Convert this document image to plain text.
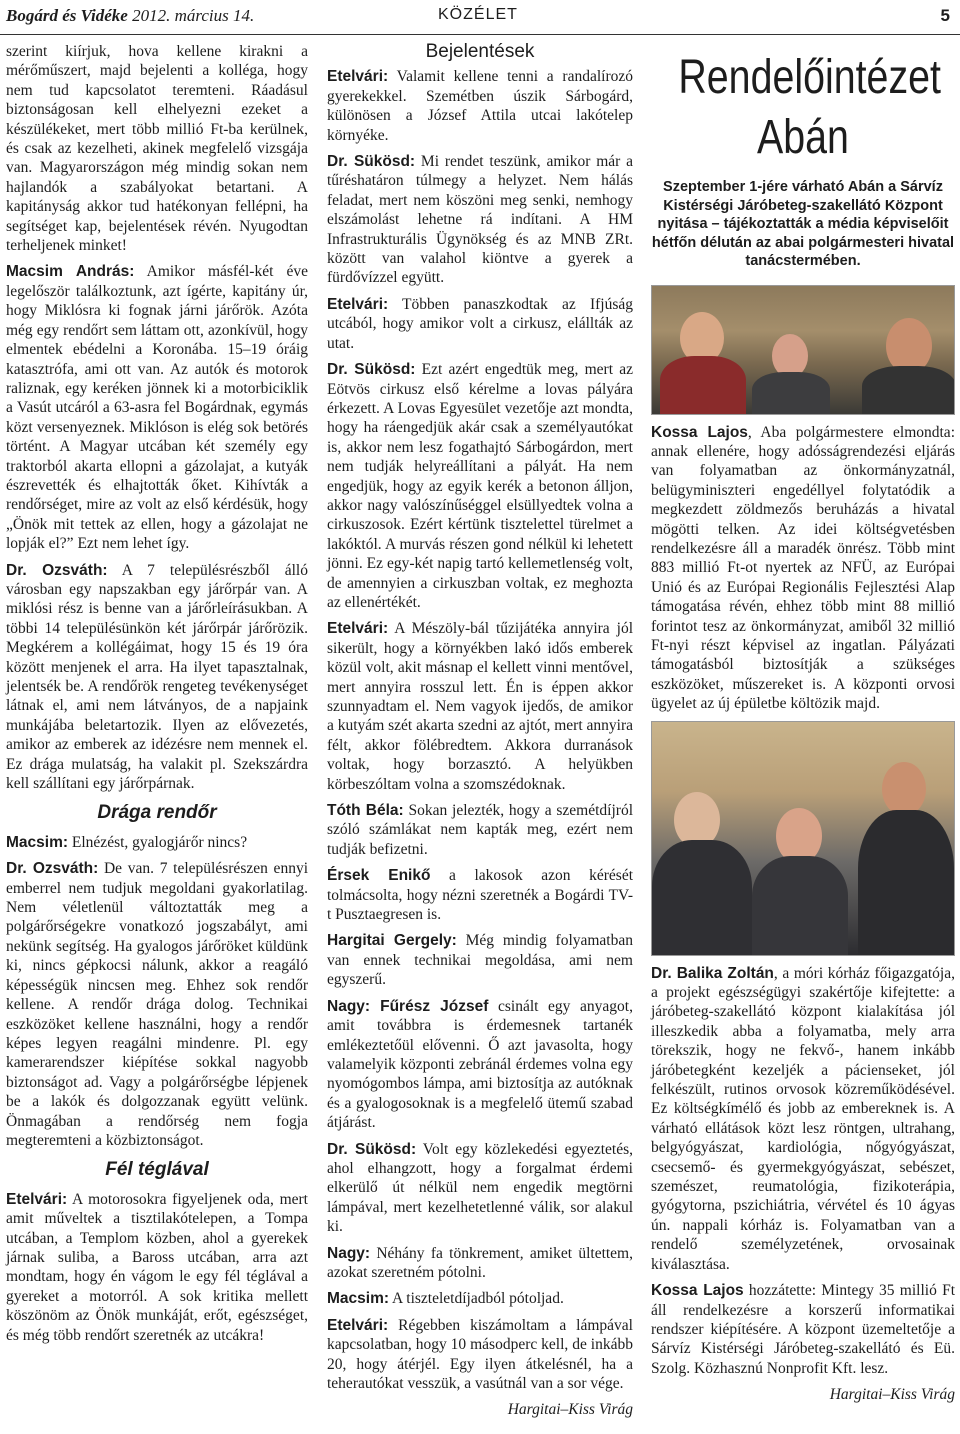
Bogárd és Vidéke 2012. március 14.	KÖZÉLET	5

szerint kiírjuk, hova kellene kirakni a mérőműszert, majd bejelenti a kolléga, hogy nem tud kapcsolatot teremteni. Ráadásul biztonságosan kell elhelyezni ezeket a készülékeket, mert több millió Ft-ba kerülnek, és csak az kezelheti, akinek megfelelő vizsgája van. Magyarországon még mindig sokan nem hajlandók a szabályokat betartani. A kapitányság akkor tud hatékonyan fellépni, ha segítséget kap, bejelentések révén. Nyugodtan terheljenek minket!

Macsim András: Amikor másfél-két éve legelőször találkoztunk, azt ígérte, kapitány úr, hogy Miklósra ki fognak járni járőrök. Azóta még egy rendőrt sem láttam ott, azonkívül, hogy elmentek ebédelni a Koronába. 15–19 óráig katasztrófa, ami ott van. Az autók és motorok raliznak, egy keréken jönnek ki a motorbiciklik a Vasút utcáról a 63-asra fel Bogárdnak, egymás közt versenyeznek. Miklóson is elég sok betörés történt. A Magyar utcában két személy egy traktorból akarta ellopni a gázolajat, a kutyák észrevették és elhajtották őket. Kihívták a rendőrséget, mire az volt az első kérdésük, hogy „Önök mit tettek az ellen, hogy a gázolajat ne lopják el?” Ezt nem lehet így.

Dr. Ozsváth: A 7 településrészből álló városban egy napszakban egy járőrpár van. A miklósi rész is benne van a járőrleírásukban. A többi 14 településünkön két járőrpár járőrözik. Megkérem a kollégáimat, hogy 15 és 19 óra között menjenek el arra. Ha ilyet tapasztalnak, jelentsék be. A rendőrök rengeteg tevékenységet látnak el, ami nem látványos, de a napjaink munkájába beletartozik. Ilyen az elővezetés, amikor az emberek az idézésre nem mennek el. Ez drága mulatság, ha valakit pl. Szekszárdra kell szállítani egy járőrpárnak.

Drága rendőr

Macsim: Elnézést, gyalogjárőr nincs?

Dr. Ozsváth: De van. 7 településrészen ennyi emberrel nem tudjuk megoldani gyakorlatilag. Nem véletlenül változtatták meg a polgárőrségekre vonatkozó jogszabályt, ami nekünk segítség. Ha gyalogos járőröket küldünk ki, nincs gépkocsi nálunk, akkor a reagáló képességük nincsen meg. Ehhez sok rendőr kellene. A rendőr drága dolog. Technikai eszközöket kellene használni, hogy a rendőr képes legyen reagálni mindenre. Pl. egy kamerarendszer kiépítése sokkal nagyobb biztonságot ad. Vagy a polgárőrségbe lépjenek be a lakók és dolgozzanak együtt velünk. Önmagában a rendőrség nem fogja megteremteni a közbiztonságot.

Fél téglával

Etelvári: A motorosokra figyeljenek oda, mert amit műveltek a tisztilakótelepen, a Tompa utcában, a Templom közben, ahol a gyerekek járnak suliba, a Baross utcában, arra azt mondtam, hogy én vágom le egy fél téglával a gyereket a motorról. A sok kritika mellett köszönöm az Önök munkáját, erőt, egészséget, és még több rendőrt szeretnék az utcákra!

Bejelentések

Etelvári: Valamit kellene tenni a randalírozó gyerekekkel. Szemétben úszik Sárbogárd, különösen a József Attila utcai lakótelep környéke.

Dr. Sükösd: Mi rendet teszünk, amikor már a tűréshatáron túlmegy a helyzet. Nem hálás feladat, mert nem köszöni meg senki, nemhogy elszámolást lehetne rá indítani. A HM Infrastrukturális Ügynökség és az MNB ZRt. között van valahol kiöntve a gyerek a fürdővízzel együtt.

Etelvári: Többen panaszkodtak az Ifjúság utcából, hogy amikor volt a cirkusz, elállták az utat.

Dr. Sükösd: Ezt azért engedtük meg, mert az Eötvös cirkusz első kérelme a lovas pályára érkezett. A Lovas Egyesület vezetője azt mondta, hogy ha ráengedjük akár csak a személyautókat is, akkor nem lesz fogathajtó Sárbogárdon, mert nem tudják helyreállítani a pályát. Ha nem engedjük, hogy az egyik kerék a betonon álljon, akkor nagy valószínűséggel elsüllyedtek volna a cirkuszosok. Ezért kértünk tisztelettel türelmet a lakóktól. A murvás részen gond nélkül ki lehetett jönni. Ez egy-két napig tartó kellemetlenség volt, de amennyien a cirkuszban voltak, ez meghozta az ellenértékét.

Etelvári: A Mészöly-bál tűzijátéka annyira jól sikerült, hogy a környékben lakó idős emberek közül volt, akit másnap el kellett vinni mentővel, mert annyira rosszul lett. Én is éppen akkor szunnyadtam el. Nem vagyok ijedős, de amikor a kutyám szét akarta szedni az ajtót, mert annyira félt, akkor fölébredtem. Akkora durranások voltak, hogy borzasztó. A helyükben körbeszóltam volna a szomszédoknak.

Tóth Béla: Sokan jelezték, hogy a szemétdíjról szóló számlákat nem kapták meg, ezért nem tudják befizetni.

Érsek Enikő a lakosok azon kérését tolmácsolta, hogy nézni szeretnék a Bogárdi TV-t Pusztaegresen is.

Hargitai Gergely: Még mindig folyamatban van ennek technikai megoldása, ami nem egyszerű.

Nagy: Fűrész József csinált egy anyagot, amit továbbra is érdemesnek tartanék emlékeztetőül elővenni. Ő azt javasolta, hogy valamelyik központi zebránál érdemes volna egy nyomógombos lámpa, ami biztosítja az autóknak és a gyalogosoknak is a megfelelő ütemű szabad átjárást.

Dr. Sükösd: Volt egy közlekedési egyeztetés, ahol elhangzott, hogy a forgalmat érdemi elkerülő út nélkül nem engedik megtörni lámpával, mert kezelhetetlenné válik, sor alakul ki.

Nagy: Néhány fa tönkrement, amiket ültettem, azokat szeretném pótolni.

Macsim: A tiszteletdíjadból pótoljad.

Etelvári: Régebben kiszámoltam a lámpával kapcsolatban, hogy 10 másodperc kell, de inkább 20, hogy átérjél. Egy ilyen átkelésnél, ha a teherautókat vesszük, a vasútnál van a sor vége.

Hargitai–Kiss Virág
Rendelőintézet
Abán
Szeptember 1-jére várható Abán a Sárvíz Kistérségi Járóbeteg-szakellátó Központ nyitása – tájékoztatták a média képviselőit hétfőn délután az abai polgármesteri hivatal tanácstermében.

Kossa Lajos, Aba polgármestere elmondta: annak ellenére, hogy adósságrendezési eljárás van folyamatban az önkormányzatnál, belügyminiszteri engedéllyel folytatódik a megkezdett zöldmezős beruházás a hivatal mögötti telken. Az idei költségvetésben rendelkezésre áll a maradék önrész. Több mint 883 millió Ft-ot nyertek az NFÜ, az Európai Unió és az Európai Regionális Fejlesztési Alap támogatása révén, ehhez több mint 88 millió forintot tesz az önkormányzat, amiből 32 millió Ft-nyi részt képvisel az ingatlan. Pályázati támogatásból biztosítják a szükséges eszközöket, műszereket is. A központi orvosi ügyelet az új épületbe költözik majd.

Dr. Balika Zoltán, a móri kórház főigazgatója, a projekt egészségügyi szakértője kifejtette: a járóbeteg-szakellátó központ kialakítása jól illeszkedik abba a folyamatba, mely arra törekszik, hogy ne fekvő-, hanem inkább járóbetegként kezeljék a pácienseket, jól felkészült, rutinos orvosok közreműködésével. Ez költségkímélő és jobb az embereknek is. A várható ellátások közt lesz röntgen, ultrahang, belgyógyászat, kardiológia, nőgyógyászat, csecsemő- és gyermekgyógyászat, sebészet, szemészet, reumatológia, fizikoterápia, gyógytorna, pszichiátria, vérvétel és 10 ágyas ún. nappali kórház is. Folyamatban van a rendelő személyzetének, orvosainak kiválasztása.

Kossa Lajos hozzátette: Mintegy 35 millió Ft áll rendelkezésre a korszerű informatikai rendszer kiépítésére. A központ üzemeltetője a Sárvíz Kistérségi Járóbeteg-szakellátó és Eü. Szolg. Közhasznú Nonprofit Kft. lesz.

Hargitai–Kiss Virág
